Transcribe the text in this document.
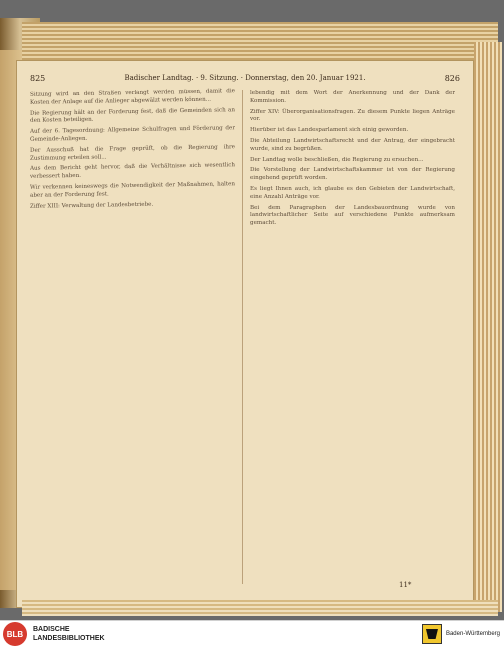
825	Badischer Landtag. · 9. Sitzung. · Donnerstag, den 20. Januar 1921.	826

Sitzung wird an den Straßen verlangt werden müssen, damit die Kosten der Anlage auf die Anlieger abgewälzt werden können...

Die Regierung hält an der Forderung fest, daß die Gemeinden sich an den Kosten beteiligen.

Auf der 6. Tagesordnung: Allgemeine Schulfragen und Förderung der Gemeinde-Anliegen.

Der Ausschuß hat die Frage geprüft, ob die Regierung ihre Zustimmung erteilen soll...

Aus dem Bericht geht hervor, daß die Verhältnisse sich wesentlich verbessert haben.

Wir verkennen keineswegs die Notwendigkeit der Maßnahmen, halten aber an der Forderung fest.

Ziffer XIII: Verwaltung der Landesbetriebe.

lebendig mit dem Wort der Anerkennung und der Dank der Kommission.

Ziffer XIV: Überorganisationsfragen. Zu diesem Punkte liegen Anträge vor.

Hierüber ist das Landesparlament sich einig geworden.

Die Abteilung Landwirtschaftsrecht und der Antrag, der eingebracht wurde, sind zu begrüßen.

Der Landtag wolle beschließen, die Regierung zu ersuchen...

Die Vorstellung der Landwirtschaftskammer ist von der Regierung eingehend geprüft worden.

Es liegt Ihnen auch, ich glaube es den Gebieten der Landwirtschaft, eine Anzahl Anträge vor.

Bei dem Paragraphen der Landesbauordnung wurde von landwirtschaftlicher Seite auf verschiedene Punkte aufmerksam gemacht.

11*
BLB	BADISCHE
LANDESBIBLIOTHEK
Baden-Württemberg
